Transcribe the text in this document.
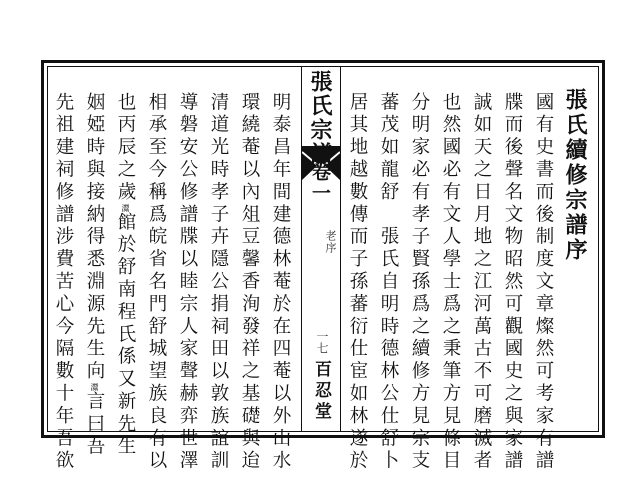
張氏宗譜
卷一
老序
一七
百忍堂
張氏續修宗譜序
國有史書而後制度文章燦然可考家有譜
牒而後聲名文物昭然可觀國史之與家譜
誠如天之日月地之江河萬古不可磨滅者
也然國必有文人學士爲之秉筆方見條目
分明家必有孝子賢孫爲之續修方見宗支
蕃茂如龍舒　張氏自明時德林公仕舒卜
居其地越數傳而子孫蕃衍仕宦如林遂於
明泰昌年間建德林菴於在四菴以外山水
環繞菴以內俎豆馨香洵發祥之基礎與迨
清道光時孝子卉隱公捐祠田以敦族誼訓
導磐安公修譜牒以睦宗人家聲赫弈世澤
相承至今稱爲皖省名門舒城望族良有以
也丙辰之歲灊館於舒南程氏係又新先生
姻婭時與接納得悉淵源先生向灊言曰吾
先祖建祠修譜涉費苦心今隔數十年吾欲
